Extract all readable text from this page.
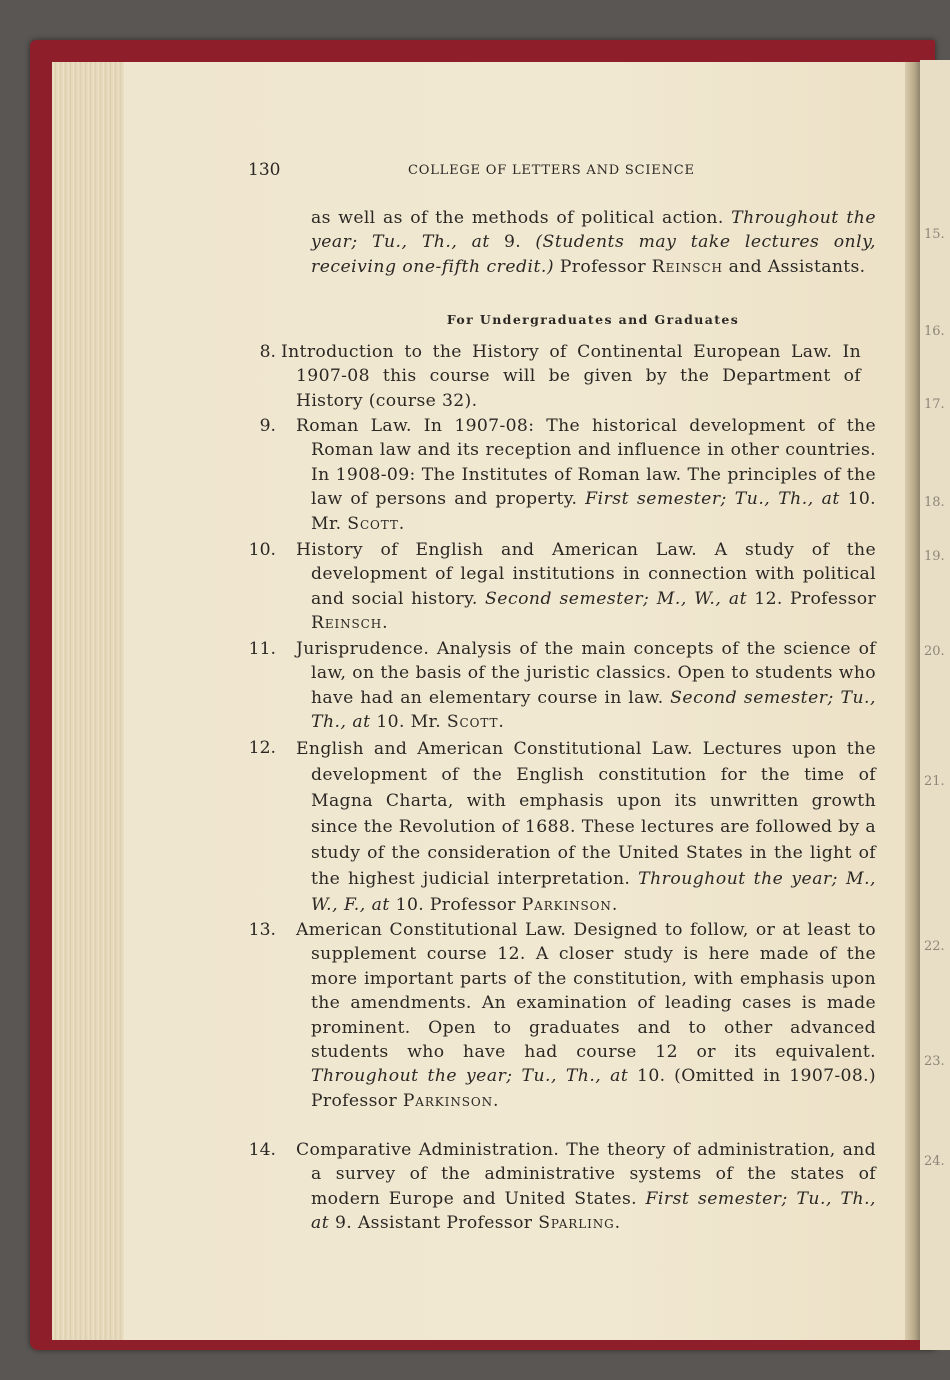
15.
16.
17.
18.
19.
20.
21.
22.
23.
24.
130	COLLEGE OF LETTERS AND SCIENCE
as well as of the methods of political action. Throughout the year; Tu., Th., at 9. (Students may take lectures only, receiving one-fifth credit.) Professor Reinsch and Assistants.
For Undergraduates and Graduates
8. Introduction to the History of Continental European Law. In 1907-08 this course will be given by the Department of History (course 32).
9. Roman Law. In 1907-08: The historical development of the Roman law and its reception and influence in other countries. In 1908-09: The Institutes of Roman law. The principles of the law of persons and property. First semester; Tu., Th., at 10. Mr. Scott.
10. History of English and American Law. A study of the development of legal institutions in connection with political and social history. Second semester; M., W., at 12. Professor Reinsch.
11. Jurisprudence. Analysis of the main concepts of the science of law, on the basis of the juristic classics. Open to students who have had an elementary course in law. Second semester; Tu., Th., at 10. Mr. Scott.
12. English and American Constitutional Law. Lectures upon the development of the English constitution for the time of Magna Charta, with emphasis upon its unwritten growth since the Revolution of 1688. These lectures are followed by a study of the consideration of the United States in the light of the highest judicial interpretation. Throughout the year; M., W., F., at 10. Professor Parkinson.
13. American Constitutional Law. Designed to follow, or at least to supplement course 12. A closer study is here made of the more important parts of the constitution, with emphasis upon the amendments. An examination of leading cases is made prominent. Open to graduates and to other advanced students who have had course 12 or its equivalent. Throughout the year; Tu., Th., at 10. (Omitted in 1907-08.) Professor Parkinson.
14. Comparative Administration. The theory of administration, and a survey of the administrative systems of the states of modern Europe and United States. First semester; Tu., Th., at 9. Assistant Professor Sparling.
